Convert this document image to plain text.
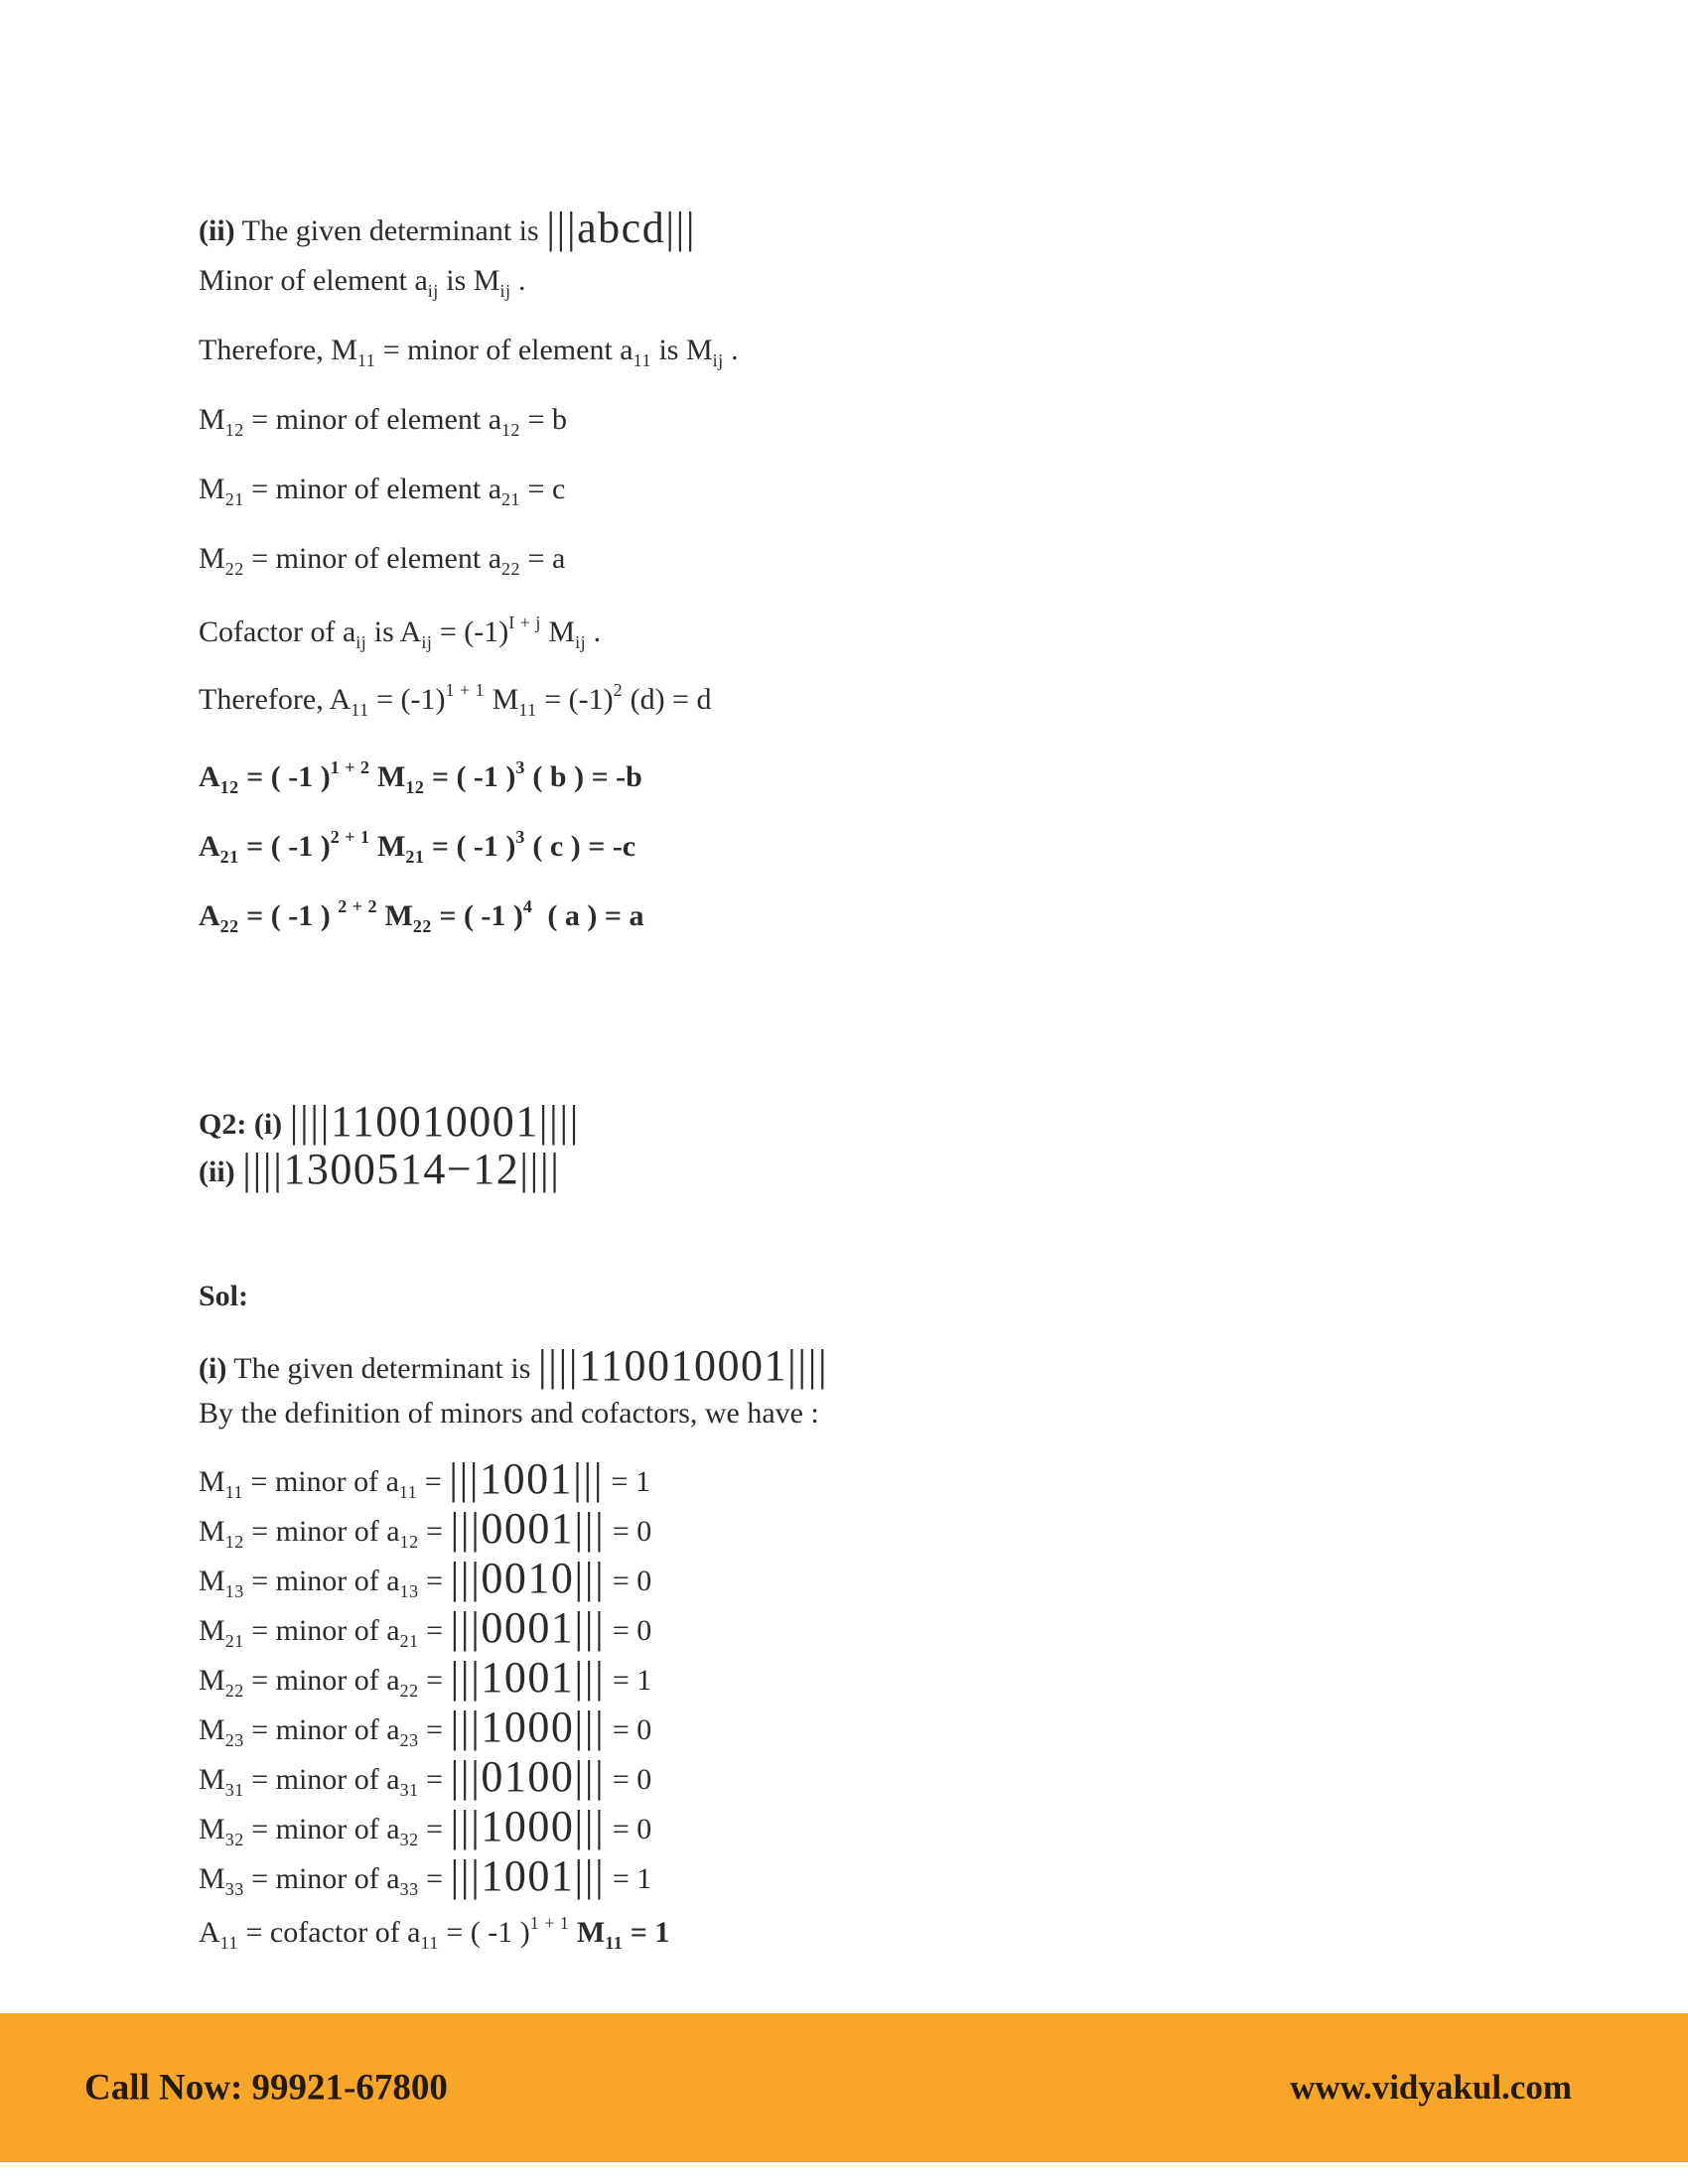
(ii) The given determinant is |||abcd|||
Minor of element $a_{ij}$ is $M_{ij}$ .
Therefore, $M_{11}$ = minor of element $a_{11}$ is $M_{ij}$ .
$M_{12}$ = minor of element $a_{12} = b$
$M_{21}$ = minor of element $a_{21} = c$
$M_{22}$ = minor of element $a_{22} = a$
Cofactor of $a_{ij}$ is $A_{ij} = (-1)^{I + j}$ $M_{ij}$ .
Therefore, $A_{11} = (-1)^{1 + 1}$ $M_{11} = (-1)^2$ (d) = d
$A_{12}$ = ( -1 )$^{1 + 2}$ $M_{12}$ = ( -1 )$^3$ ( b ) = -b
$A_{21}$ = ( -1 )$^{2 + 1}$ $M_{21}$ = ( -1 )$^3$ ( c ) = -c
$A_{22}$ = ( -1 ) $^{2 + 2}$ $M_{22}$ = ( -1 )$^4$  ( a ) = a
Q2: (i) ||||110010001||||
(ii) ||||1300514−12||||
Sol:
(i) The given determinant is ||||110010001||||
By the definition of minors and cofactors, we have :
$M_{11}$ = minor of $a_{11} = |||1001||| = 1$
$M_{12}$ = minor of $a_{12} = |||0001||| = 0$
$M_{13}$ = minor of $a_{13} = |||0010||| = 0$
$M_{21}$ = minor of $a_{21} = |||0001||| = 0$
$M_{22}$ = minor of $a_{22} = |||1001||| = 1$
$M_{23}$ = minor of $a_{23} = |||1000||| = 0$
$M_{31}$ = minor of $a_{31} = |||0100||| = 0$
$M_{32}$ = minor of $a_{32} = |||1000||| = 0$
$M_{33}$ = minor of $a_{33} = |||1001||| = 1$
$A_{11}$ = cofactor of $a_{11}$ = ( -1 )$^{1 + 1}$ $M_{11} = 1$
Call Now: 99921-67800	www.vidyakul.com
